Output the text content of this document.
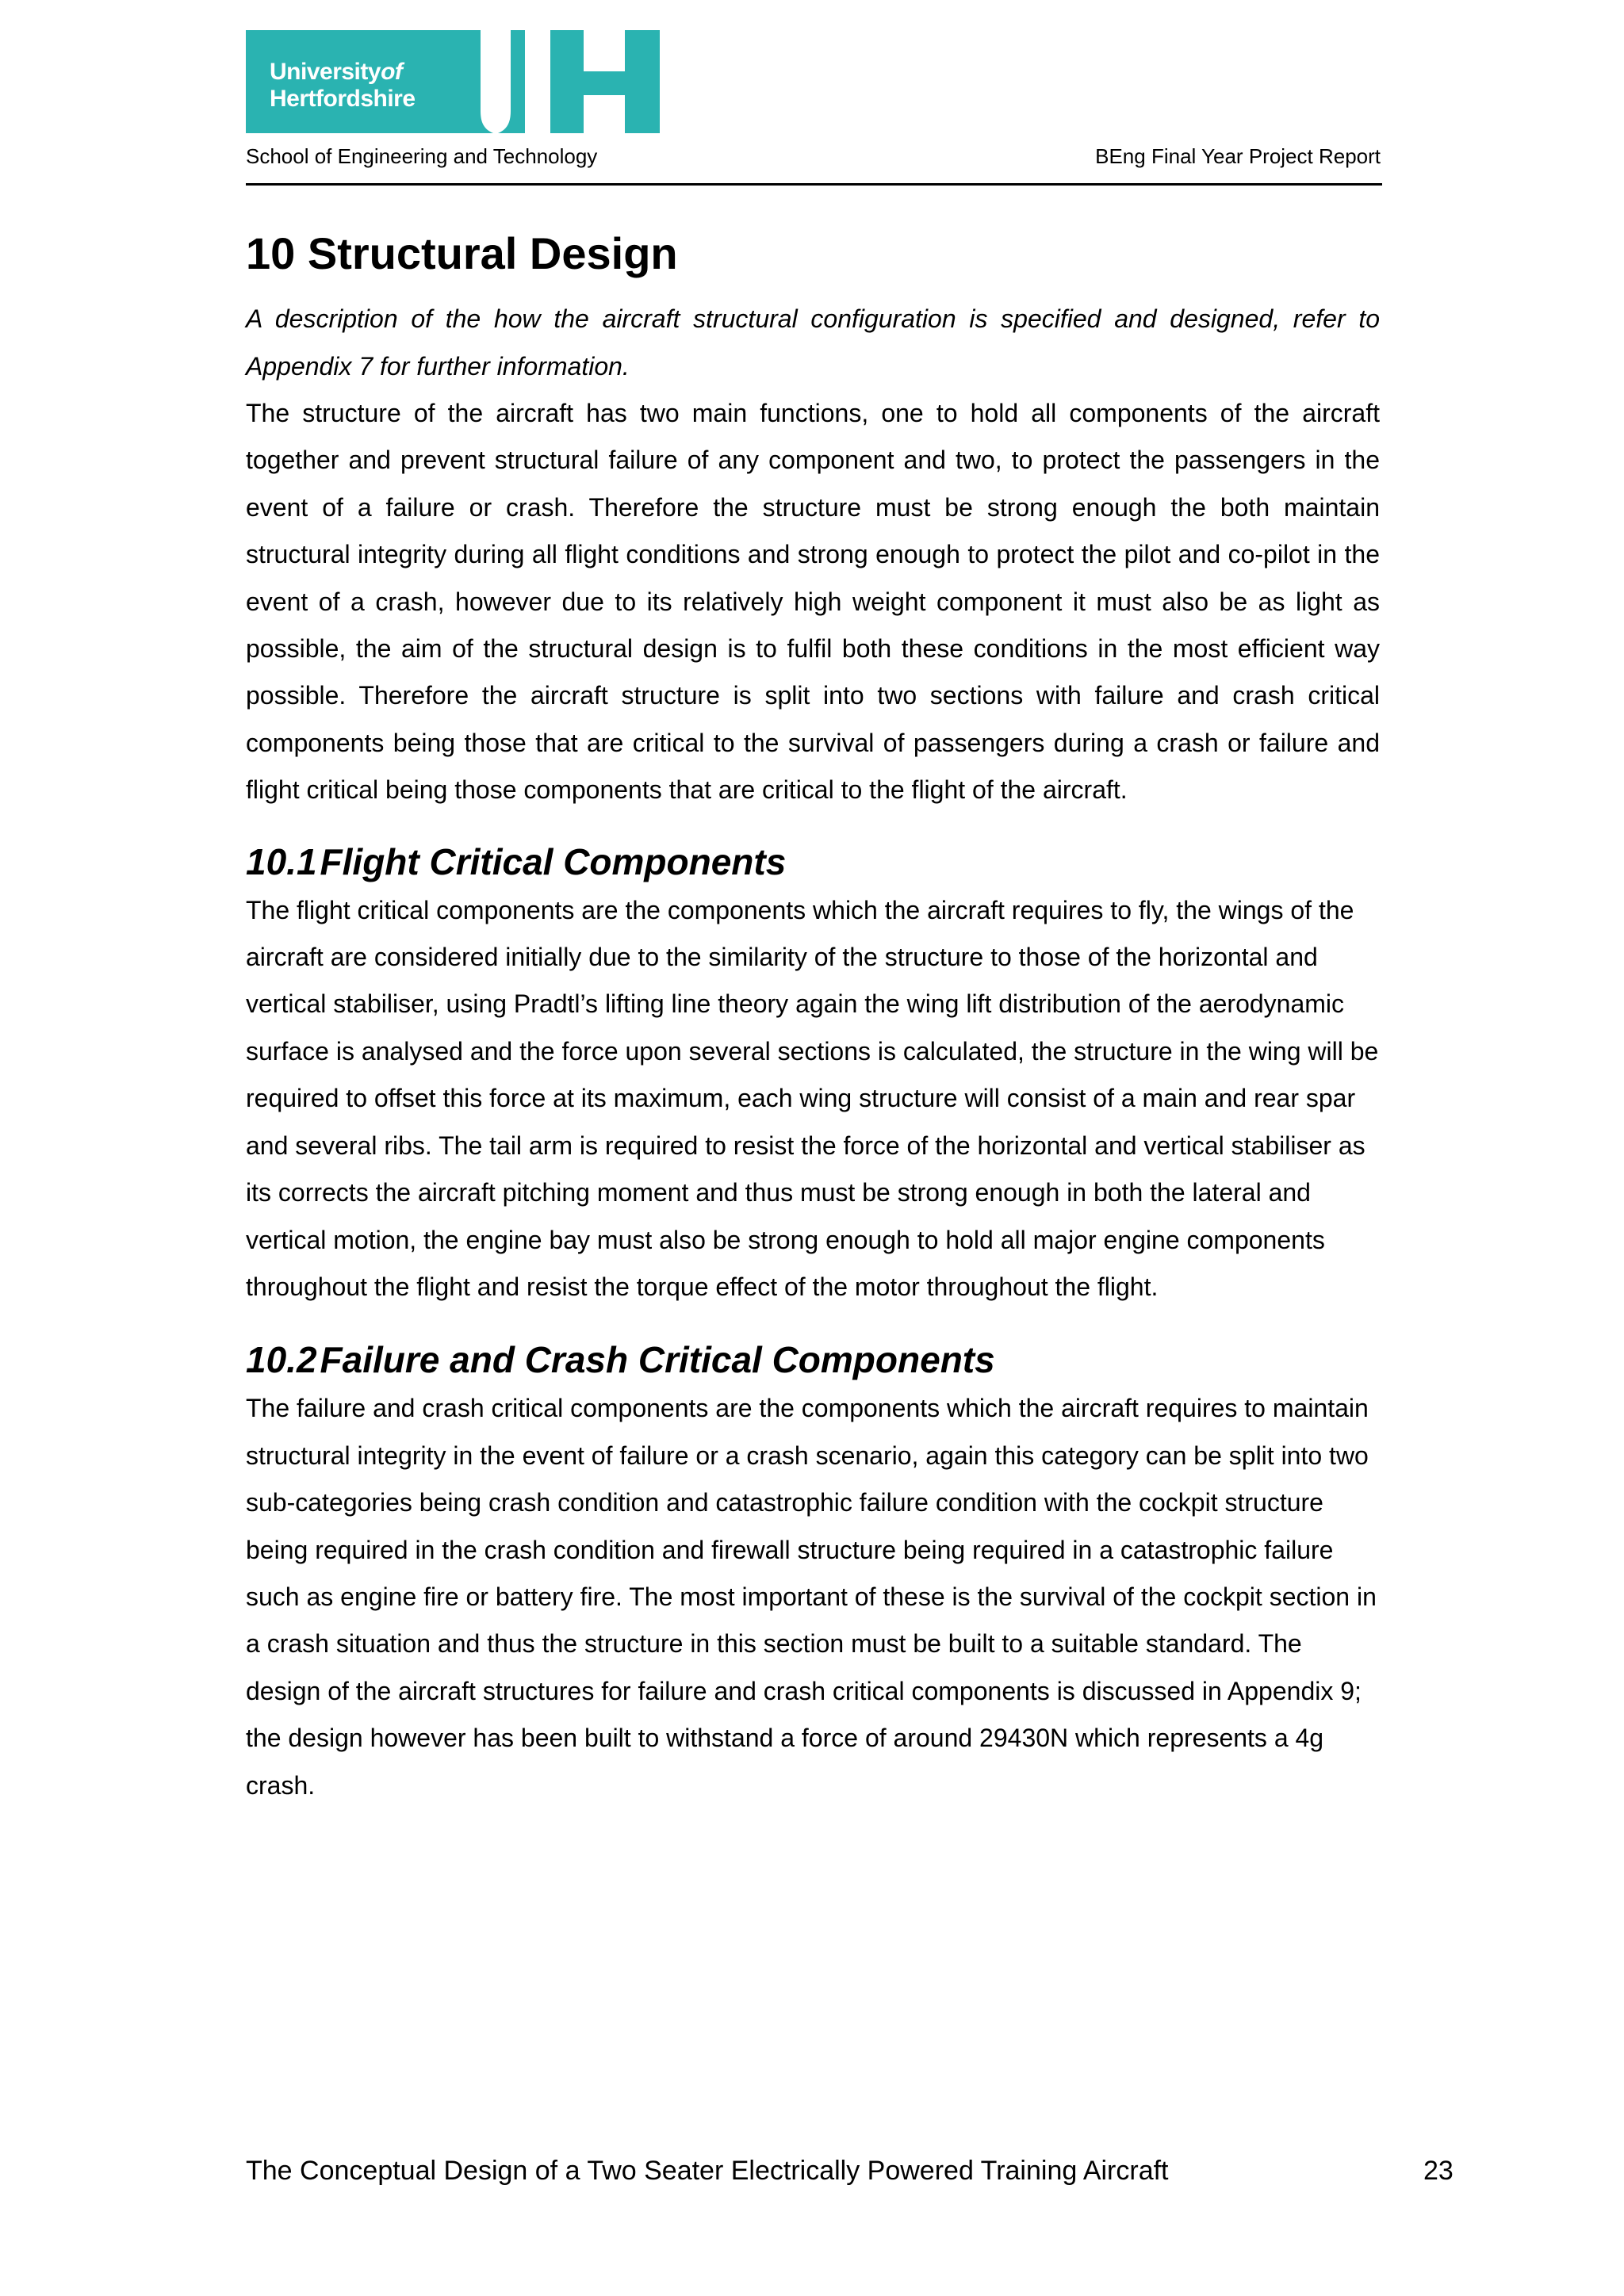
Universityof
Hertfordshire
School of Engineering and Technology	BEng Final Year Project Report
10 Structural Design

A description of the how the aircraft structural configuration is specified and designed, refer to Appendix 7 for further information.

The structure of the aircraft has two main functions, one to hold all components of the aircraft together and prevent structural failure of any component and two, to protect the passengers in the event of a failure or crash. Therefore the structure must be strong enough the both maintain structural integrity during all flight conditions and strong enough to protect the pilot and co-pilot in the event of a crash, however due to its relatively high weight component it must also be as light as possible, the aim of the structural design is to fulfil both these conditions in the most efficient way possible. Therefore the aircraft structure is split into two sections with failure and crash critical components being those that are critical to the survival of passengers during a crash or failure and flight critical being those components that are critical to the flight of the aircraft.

10.1Flight Critical Components

The flight critical components are the components which the aircraft requires to fly, the wings of the aircraft are considered initially due to the similarity of the structure to those of the horizontal and vertical stabiliser, using Pradtl’s lifting line theory again the wing lift distribution of the aerodynamic surface is analysed and the force upon several sections is calculated, the structure in the wing will be required to offset this force at its maximum, each wing structure will consist of a main and rear spar and several ribs. The tail arm is required to resist the force of the horizontal and vertical stabiliser as its corrects the aircraft pitching moment and thus must be strong enough in both the lateral and vertical motion, the engine bay must also be strong enough to hold all major engine components throughout the flight and resist the torque effect of the motor throughout the flight.

10.2Failure and Crash Critical Components

The failure and crash critical components are the components which the aircraft requires to maintain structural integrity in the event of failure or a crash scenario, again this category can be split into two sub-categories being crash condition and catastrophic failure condition with the cockpit structure being required in the crash condition and firewall structure being required in a catastrophic failure such as engine fire or battery fire. The most important of these is the survival of the cockpit section in a crash situation and thus the structure in this section must be built to a suitable standard. The design of the aircraft structures for failure and crash critical components is discussed in Appendix 9; the design however has been built to withstand a force of around 29430N which represents a 4g crash.

The Conceptual Design of a Two Seater Electrically Powered Training Aircraft	23
